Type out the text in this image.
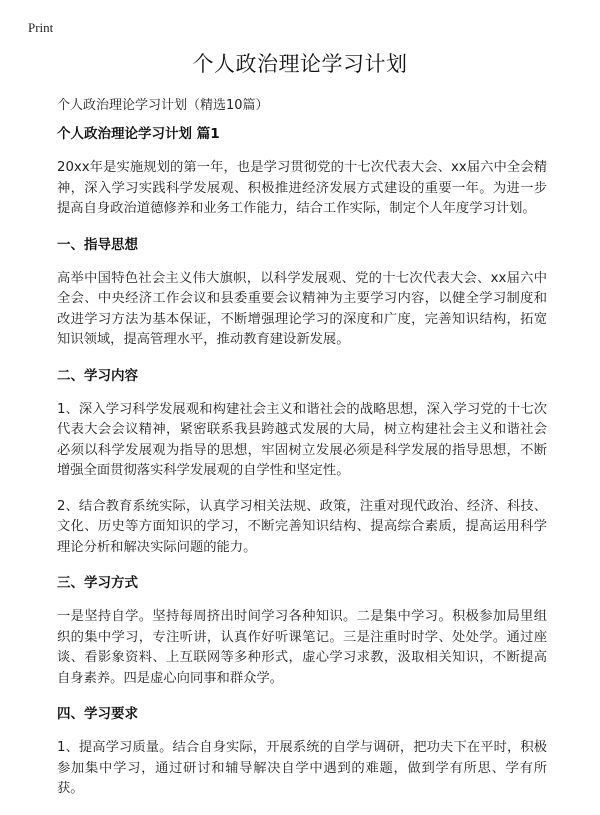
Print
个人政治理论学习计划

个人政治理论学习计划（精选10篇）

个人政治理论学习计划 篇1

20xx年是实施规划的第一年，也是学习贯彻党的十七次代表大会、xx届六中全会精神，深入学习实践科学发展观、积极推进经济发展方式建设的重要一年。为进一步提高自身政治道德修养和业务工作能力，结合工作实际，制定个人年度学习计划。

一、指导思想

高举中国特色社会主义伟大旗帜，以科学发展观、党的十七次代表大会、xx届六中全会、中央经济工作会议和县委重要会议精神为主要学习内容，以健全学习制度和改进学习方法为基本保证，不断增强理论学习的深度和广度，完善知识结构，拓宽知识领域，提高管理水平，推动教育建设新发展。

二、学习内容

1、深入学习科学发展观和构建社会主义和谐社会的战略思想，深入学习党的十七次代表大会会议精神，紧密联系我县跨越式发展的大局，树立构建社会主义和谐社会必须以科学发展观为指导的思想，牢固树立发展必须是科学发展的指导思想，不断增强全面贯彻落实科学发展观的自学性和坚定性。

2、结合教育系统实际，认真学习相关法规、政策，注重对现代政治、经济、科技、文化、历史等方面知识的学习，不断完善知识结构、提高综合素质，提高运用科学理论分析和解决实际问题的能力。

三、学习方式

一是坚持自学。坚持每周挤出时间学习各种知识。二是集中学习。积极参加局里组织的集中学习，专注听讲，认真作好听课笔记。三是注重时时学、处处学。通过座谈、看影象资料、上互联网等多种形式，虚心学习求教，汲取相关知识，不断提高自身素养。四是虚心向同事和群众学。

四、学习要求

1、提高学习质量。结合自身实际，开展系统的自学与调研，把功夫下在平时，积极参加集中学习，通过研讨和辅导解决自学中遇到的难题，做到学有所思、学有所获。
